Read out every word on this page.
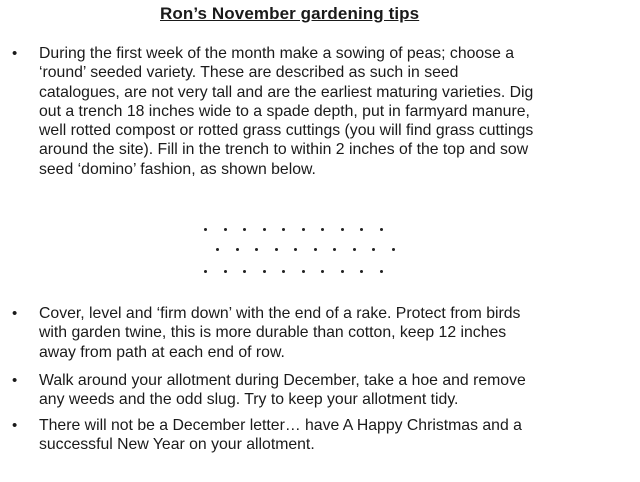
Ron’s November gardening tips
•	During the first week of the month make a sowing of peas; choose a
‘round’ seeded variety. These are described as such in seed
catalogues, are not very tall and are the earliest maturing varieties. Dig
out a trench 18 inches wide to a spade depth, put in farmyard manure,
well rotted compost or rotted grass cuttings (you will find grass cuttings
around the site). Fill in the trench to within 2 inches of the top and sow
seed ‘domino’ fashion, as shown below.
•	Cover, level and ‘firm down’ with the end of a rake. Protect from birds
with garden twine, this is more durable than cotton, keep 12 inches
away from path at each end of row.
•	Walk around your allotment during December, take a hoe and remove
any weeds and the odd slug. Try to keep your allotment tidy.
•	There will not be a December letter… have A Happy Christmas and a
successful New Year on your allotment.
